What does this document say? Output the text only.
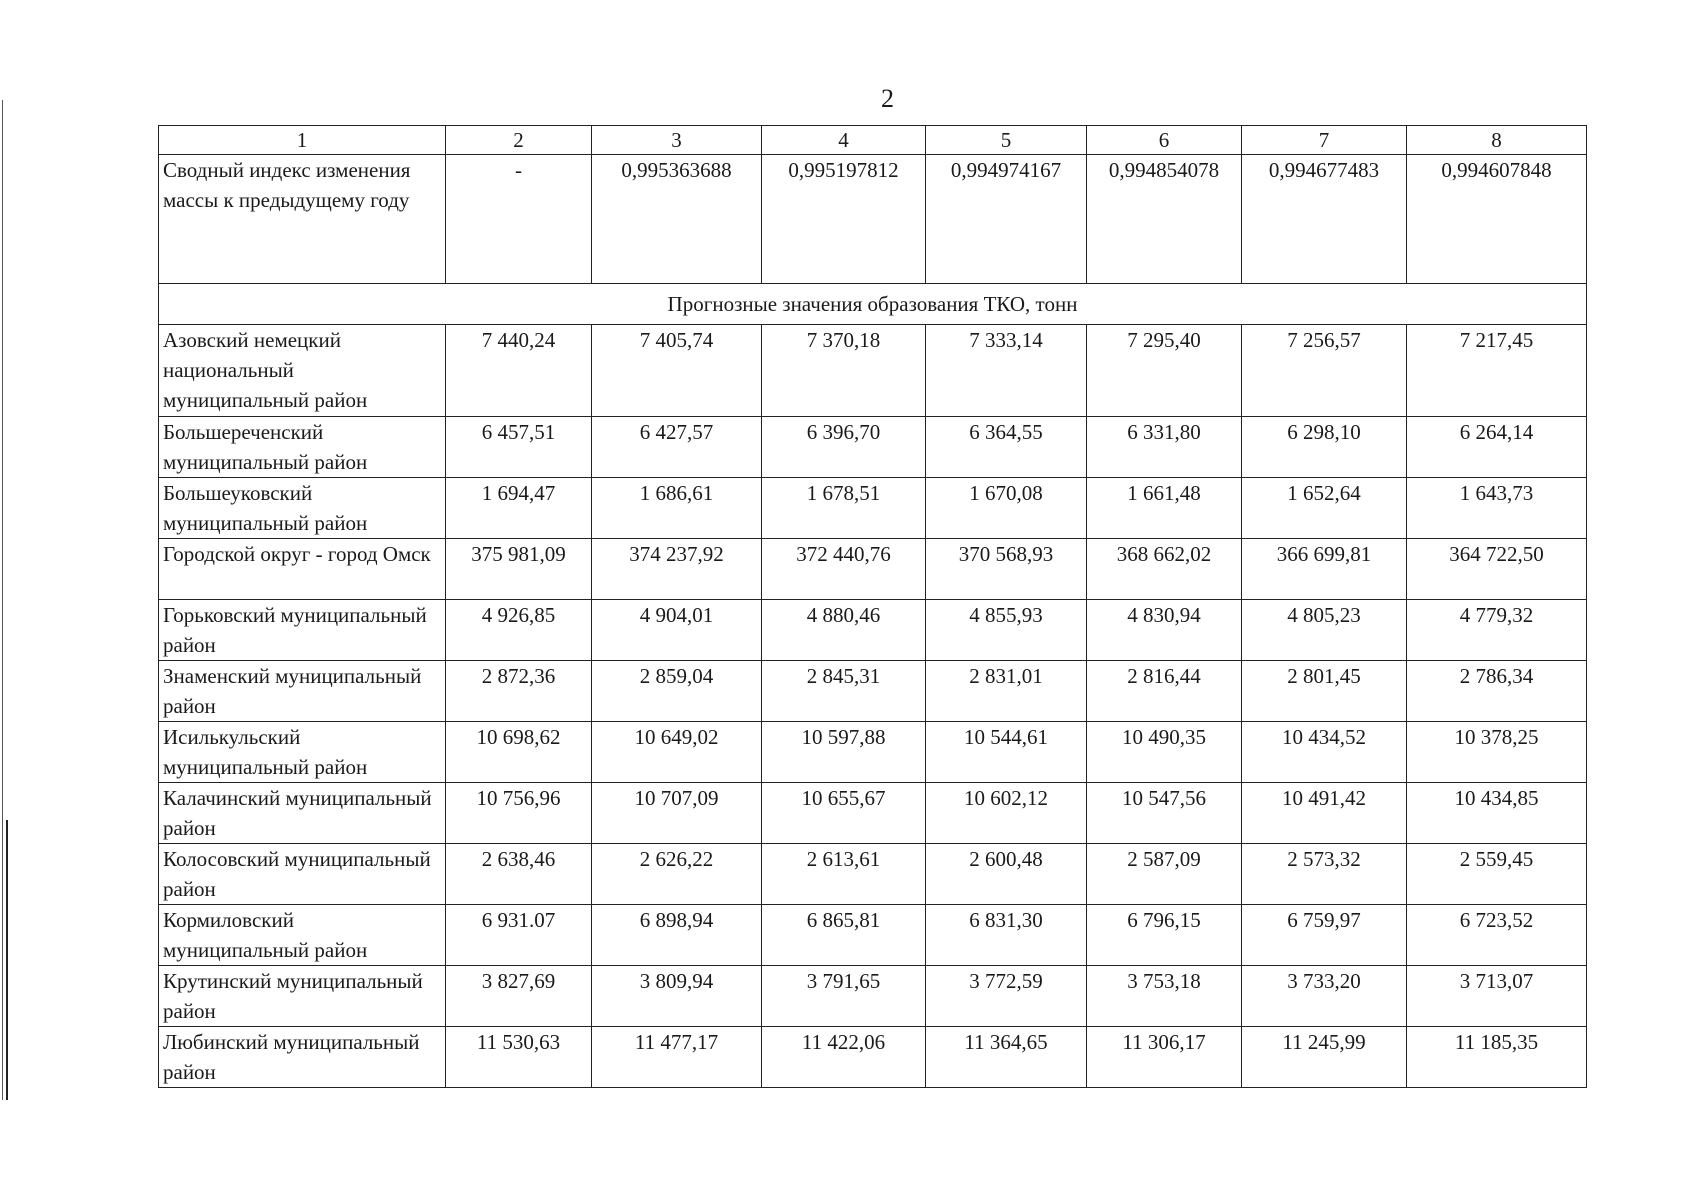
2
1	2	3	4	5	6	7	8
Сводный индекс изменения массы к предыдущему году	-	0,995363688	0,995197812	0,994974167	0,994854078	0,994677483	0,994607848
Прогнозные значения образования ТКО, тонн							
Азовский немецкий национальный муниципальный район	7 440,24	7 405,74	7 370,18	7 333,14	7 295,40	7 256,57	7 217,45
Большереченский муниципальный район	6 457,51	6 427,57	6 396,70	6 364,55	6 331,80	6 298,10	6 264,14
Большеуковский муниципальный район	1 694,47	1 686,61	1 678,51	1 670,08	1 661,48	1 652,64	1 643,73
Городской округ - город Омск	375 981,09	374 237,92	372 440,76	370 568,93	368 662,02	366 699,81	364 722,50
Горьковский муниципальный район	4 926,85	4 904,01	4 880,46	4 855,93	4 830,94	4 805,23	4 779,32
Знаменский муниципальный район	2 872,36	2 859,04	2 845,31	2 831,01	2 816,44	2 801,45	2 786,34
Исилькульский муниципальный район	10 698,62	10 649,02	10 597,88	10 544,61	10 490,35	10 434,52	10 378,25
Калачинский муниципальный район	10 756,96	10 707,09	10 655,67	10 602,12	10 547,56	10 491,42	10 434,85
Колосовский муниципальный район	2 638,46	2 626,22	2 613,61	2 600,48	2 587,09	2 573,32	2 559,45
Кормиловский муниципальный район	6 931.07	6 898,94	6 865,81	6 831,30	6 796,15	6 759,97	6 723,52
Крутинский муниципальный район	3 827,69	3 809,94	3 791,65	3 772,59	3 753,18	3 733,20	3 713,07
Любинский муниципальный район	11 530,63	11 477,17	11 422,06	11 364,65	11 306,17	11 245,99	11 185,35
